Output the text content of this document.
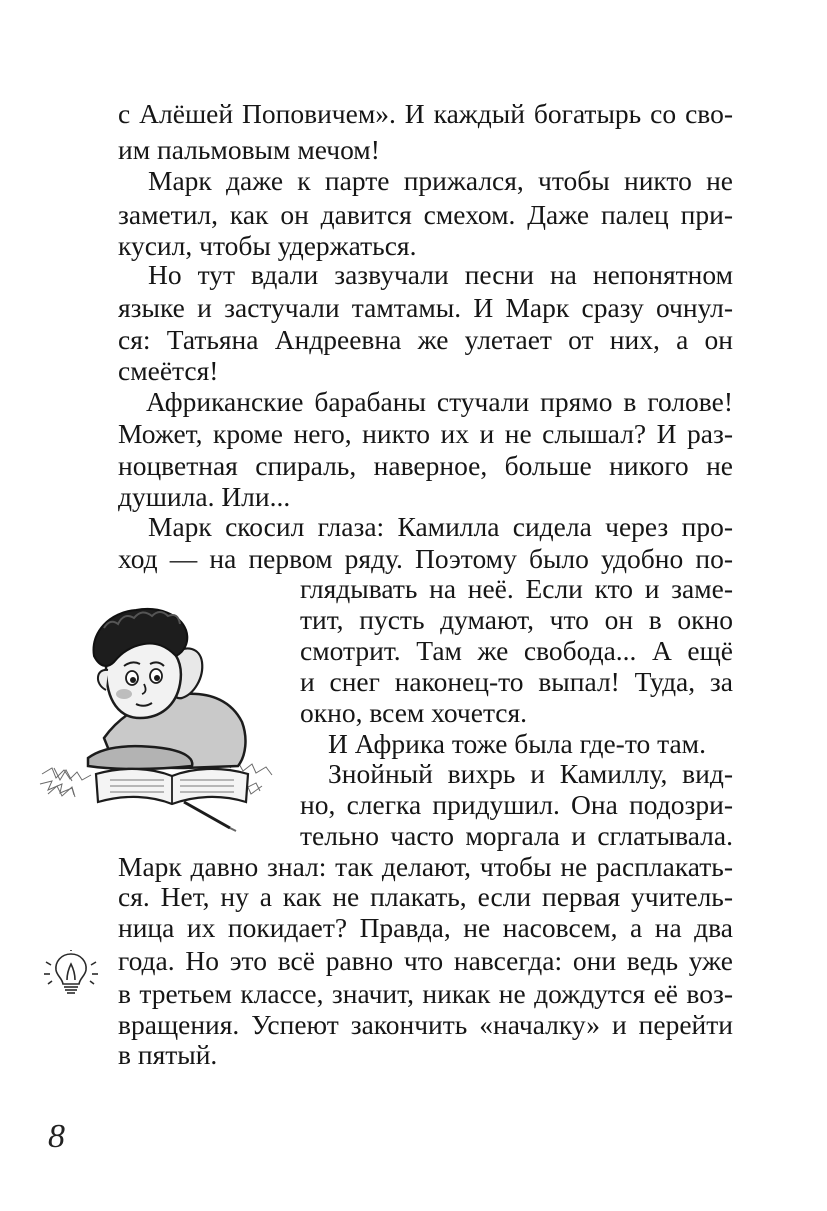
с Алёшей Поповичем». И каждый богатырь со сво-
им пальмовым мечом!
Марк даже к парте прижался, чтобы никто не
заметил, как он давится смехом. Даже палец при-
кусил, чтобы удержаться.
Но тут вдали зазвучали песни на непонятном
языке и застучали тамтамы. И Марк сразу очнул-
ся: Татьяна Андреевна же улетает от них, а он
смеётся!
Африканские барабаны стучали прямо в голове!
Может, кроме него, никто их и не слышал? И раз-
ноцветная спираль, наверное, больше никого не
душила. Или...
Марк скосил глаза: Камилла сидела через про-
ход — на первом ряду. Поэтому было удобно по-
глядывать на неё. Если кто и заме-
тит, пусть думают, что он в окно
смотрит. Там же свобода... А ещё
и снег наконец-то выпал! Туда, за
окно, всем хочется.
И Африка тоже была где-то там.
Знойный вихрь и Камиллу, вид-
но, слегка придушил. Она подозри-
тельно часто моргала и сглатывала.
Марк давно знал: так делают, чтобы не расплакать-
ся. Нет, ну а как не плакать, если первая учитель-
ница их покидает? Правда, не насовсем, а на два
года. Но это всё равно что навсегда: они ведь уже
в третьем классе, значит, никак не дождутся её воз-
вращения. Успеют закончить «началку» и перейти
в пятый.
8
